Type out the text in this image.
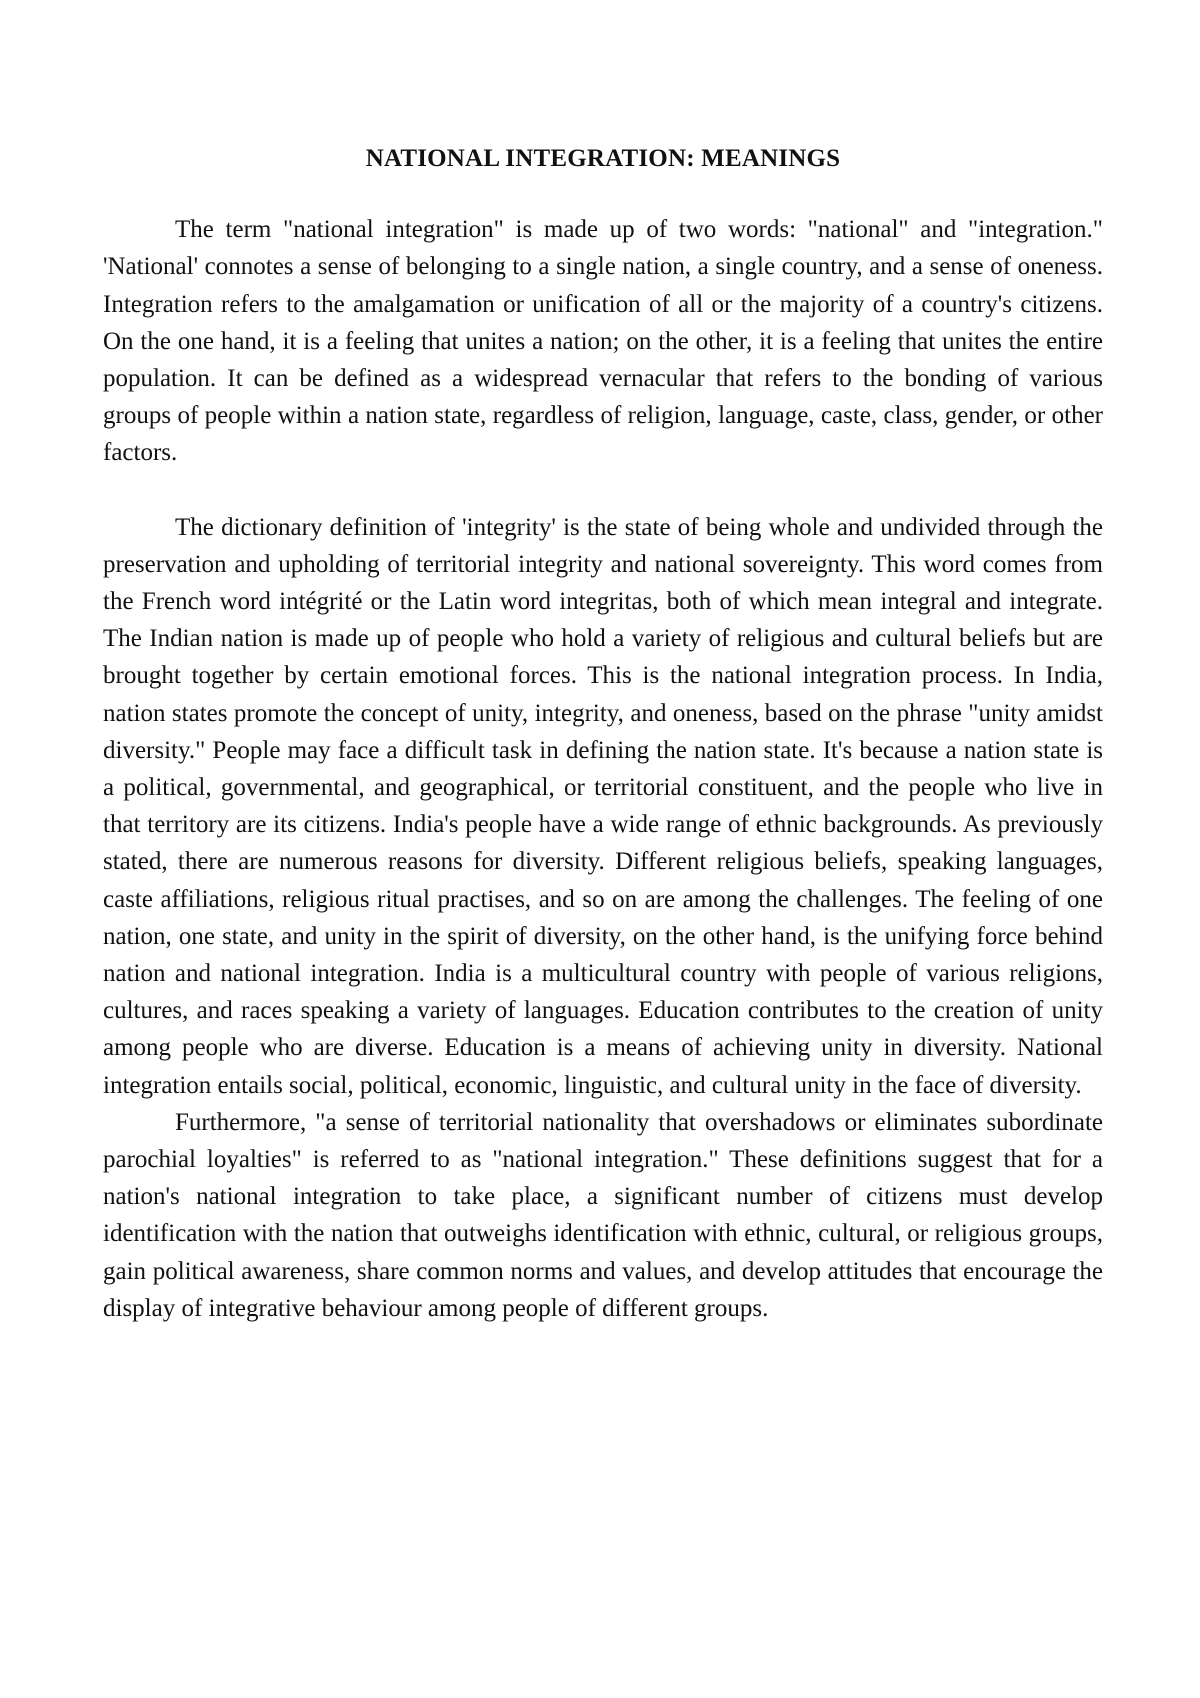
NATIONAL INTEGRATION: MEANINGS

The term "national integration" is made up of two words: "national" and "integration." 'National' connotes a sense of belonging to a single nation, a single country, and a sense of oneness. Integration refers to the amalgamation or unification of all or the majority of a country's citizens. On the one hand, it is a feeling that unites a nation; on the other, it is a feeling that unites the entire population. It can be defined as a widespread vernacular that refers to the bonding of various groups of people within a nation state, regardless of religion, language, caste, class, gender, or other factors.

The dictionary definition of 'integrity' is the state of being whole and undivided through the preservation and upholding of territorial integrity and national sovereignty. This word comes from the French word intégrité or the Latin word integritas, both of which mean integral and integrate. The Indian nation is made up of people who hold a variety of religious and cultural beliefs but are brought together by certain emotional forces. This is the national integration process. In India, nation states promote the concept of unity, integrity, and oneness, based on the phrase "unity amidst diversity." People may face a difficult task in defining the nation state. It's because a nation state is a political, governmental, and geographical, or territorial constituent, and the people who live in that territory are its citizens. India's people have a wide range of ethnic backgrounds. As previously stated, there are numerous reasons for diversity. Different religious beliefs, speaking languages, caste affiliations, religious ritual practises, and so on are among the challenges. The feeling of one nation, one state, and unity in the spirit of diversity, on the other hand, is the unifying force behind nation and national integration. India is a multicultural country with people of various religions, cultures, and races speaking a variety of languages. Education contributes to the creation of unity among people who are diverse. Education is a means of achieving unity in diversity. National integration entails social, political, economic, linguistic, and cultural unity in the face of diversity.

Furthermore, "a sense of territorial nationality that overshadows or eliminates subordinate parochial loyalties" is referred to as "national integration." These definitions suggest that for a nation's national integration to take place, a significant number of citizens must develop identification with the nation that outweighs identification with ethnic, cultural, or religious groups, gain political awareness, share common norms and values, and develop attitudes that encourage the display of integrative behaviour among people of different groups.
